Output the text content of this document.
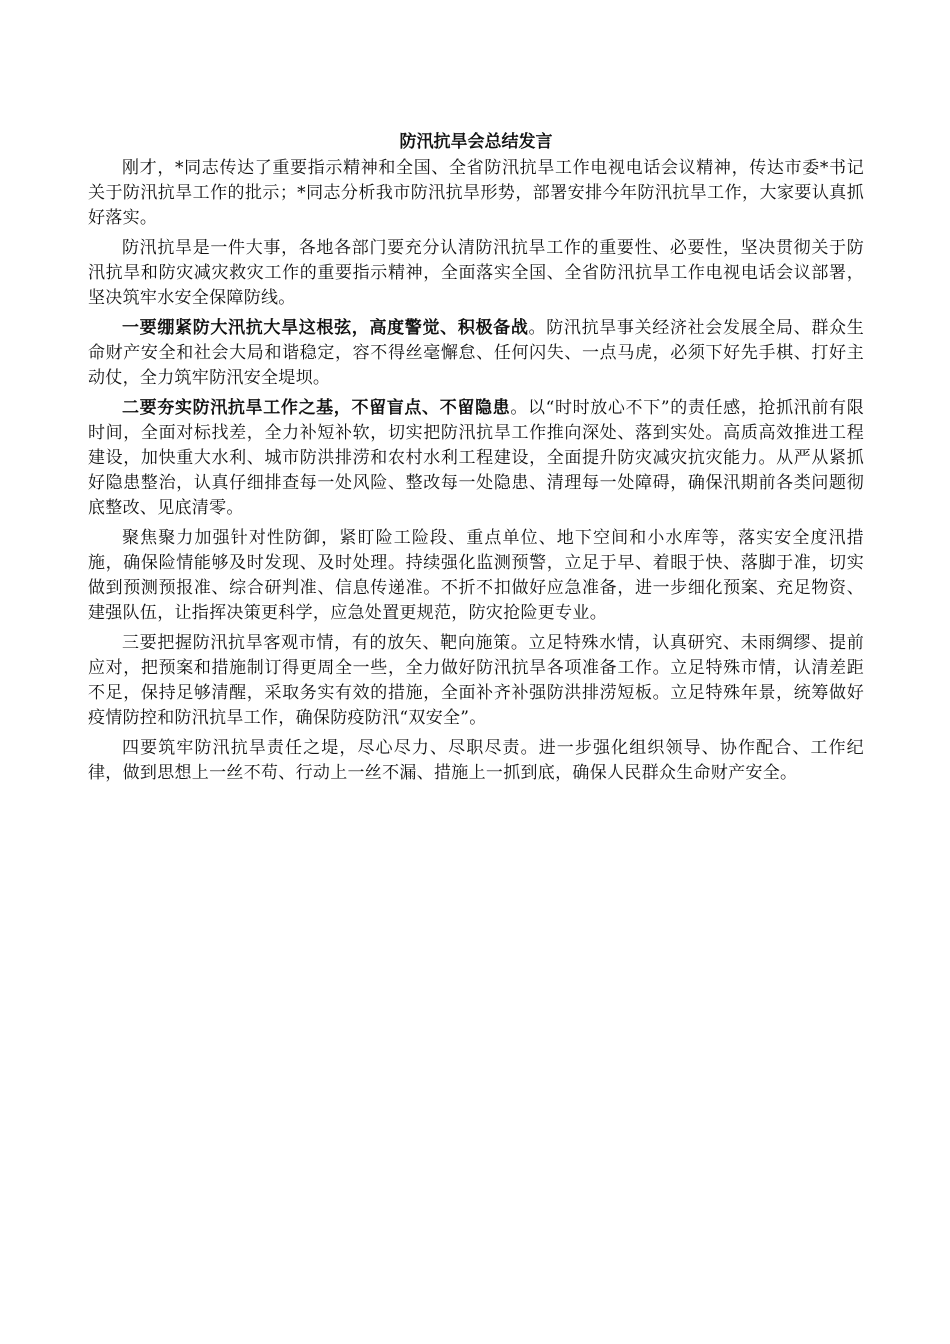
防汛抗旱会总结发言

刚才，*同志传达了重要指示精神和全国、全省防汛抗旱工作电视电话会议精神，传达市委*书记关于防汛抗旱工作的批示；*同志分析我市防汛抗旱形势，部署安排今年防汛抗旱工作，大家要认真抓好落实。

防汛抗旱是一件大事，各地各部门要充分认清防汛抗旱工作的重要性、必要性，坚决贯彻关于防汛抗旱和防灾减灾救灾工作的重要指示精神，全面落实全国、全省防汛抗旱工作电视电话会议部署，坚决筑牢水安全保障防线。

一要绷紧防大汛抗大旱这根弦，高度警觉、积极备战。防汛抗旱事关经济社会发展全局、群众生命财产安全和社会大局和谐稳定，容不得丝毫懈怠、任何闪失、一点马虎，必须下好先手棋、打好主动仗，全力筑牢防汛安全堤坝。

二要夯实防汛抗旱工作之基，不留盲点、不留隐患。以“时时放心不下”的责任感，抢抓汛前有限时间，全面对标找差，全力补短补软，切实把防汛抗旱工作推向深处、落到实处。高质高效推进工程建设，加快重大水利、城市防洪排涝和农村水利工程建设，全面提升防灾减灾抗灾能力。从严从紧抓好隐患整治，认真仔细排查每一处风险、整改每一处隐患、清理每一处障碍，确保汛期前各类问题彻底整改、见底清零。

聚焦聚力加强针对性防御，紧盯险工险段、重点单位、地下空间和小水库等，落实安全度汛措施，确保险情能够及时发现、及时处理。持续强化监测预警，立足于早、着眼于快、落脚于准，切实做到预测预报准、综合研判准、信息传递准。不折不扣做好应急准备，进一步细化预案、充足物资、建强队伍，让指挥决策更科学，应急处置更规范，防灾抢险更专业。

三要把握防汛抗旱客观市情，有的放矢、靶向施策。立足特殊水情，认真研究、未雨绸缪、提前应对，把预案和措施制订得更周全一些，全力做好防汛抗旱各项准备工作。立足特殊市情，认清差距不足，保持足够清醒，采取务实有效的措施，全面补齐补强防洪排涝短板。立足特殊年景，统筹做好疫情防控和防汛抗旱工作，确保防疫防汛“双安全”。

四要筑牢防汛抗旱责任之堤，尽心尽力、尽职尽责。进一步强化组织领导、协作配合、工作纪律，做到思想上一丝不苟、行动上一丝不漏、措施上一抓到底，确保人民群众生命财产安全。
